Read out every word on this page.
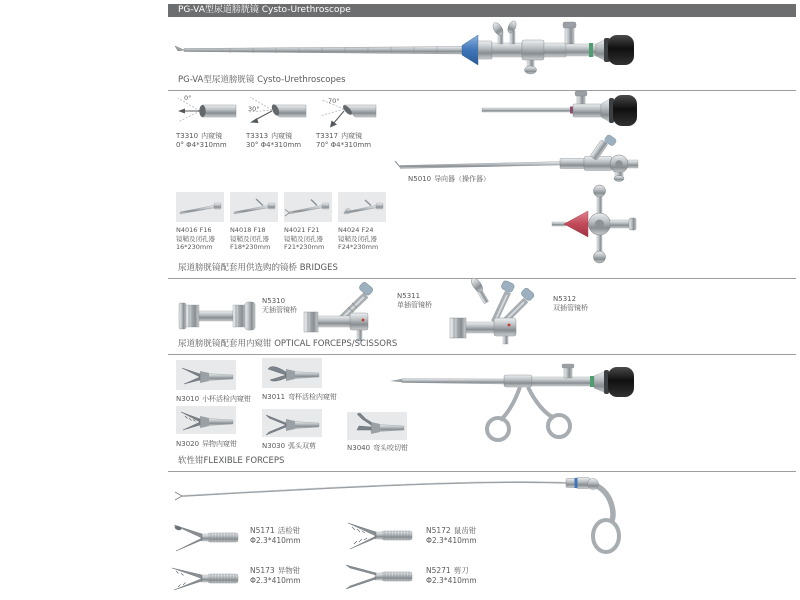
PG-VA型尿道膀胱镜 Cysto-Urethroscope
PG-VA型尿道膀胱镜 Cysto-Urethroscopes
0°
T3310 内窥镜
0° Φ4*310mm
30°
T3313 内窥镜
30° Φ4*310mm
70°
T3317 内窥镜
70° Φ4*310mm
N5010 导向器（操作器）
N4016 F16
镜鞘及闭孔器
16*230mm
N4018 F18
镜鞘及闭孔器
F18*230mm
N4021 F21
镜鞘及闭孔器
F21*230mm
N4024 F24
镜鞘及闭孔器
F24*230mm
尿道膀胱镜配套用供选购的镜桥 BRIDGES
N5310
无插管镜桥
N5311
单插管镜桥
N5312
双插管镜桥
尿道膀胱镜配套用内窥钳 OPTICAL FORCEPS/SCISSORS
N3010 小杯活检内窥钳 N3011 弯杯活检内窥钳
N3020 异物内窥钳	N3030 弧头双剪	N3040 弯头咬切钳
软性钳FLEXIBLE FORCEPS
N5171 活检钳
Φ2.3*410mm
N5172 鼠齿钳
Φ2.3*410mm
N5173 异物钳
Φ2.3*410mm
N5271 剪刀
Φ2.3*410mm
